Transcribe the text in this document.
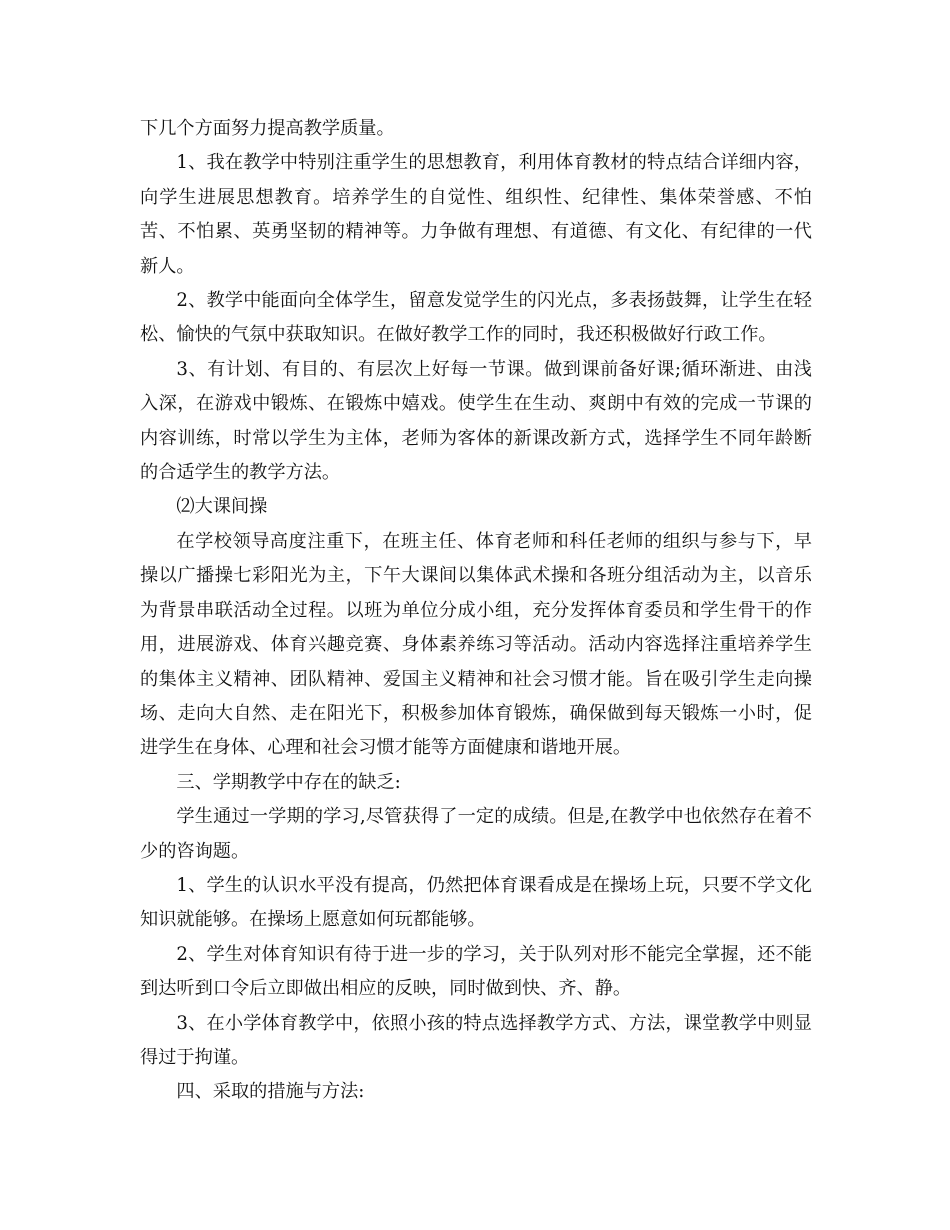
下几个方面努力提高教学质量。

1、我在教学中特别注重学生的思想教育，利用体育教材的特点结合详细内容，向学生进展思想教育。培养学生的自觉性、组织性、纪律性、集体荣誉感、不怕苦、不怕累、英勇坚韧的精神等。力争做有理想、有道德、有文化、有纪律的一代新人。

2、教学中能面向全体学生，留意发觉学生的闪光点，多表扬鼓舞，让学生在轻松、愉快的气氛中获取知识。在做好教学工作的同时，我还积极做好行政工作。

3、有计划、有目的、有层次上好每一节课。做到课前备好课;循环渐进、由浅入深，在游戏中锻炼、在锻炼中嬉戏。使学生在生动、爽朗中有效的完成一节课的内容训练，时常以学生为主体，老师为客体的新课改新方式，选择学生不同年龄断的合适学生的教学方法。

⑵大课间操

在学校领导高度注重下，在班主任、体育老师和科任老师的组织与参与下，早操以广播操七彩阳光为主，下午大课间以集体武术操和各班分组活动为主，以音乐为背景串联活动全过程。以班为单位分成小组，充分发挥体育委员和学生骨干的作用，进展游戏、体育兴趣竞赛、身体素养练习等活动。活动内容选择注重培养学生的集体主义精神、团队精神、爱国主义精神和社会习惯才能。旨在吸引学生走向操场、走向大自然、走在阳光下，积极参加体育锻炼，确保做到每天锻炼一小时，促进学生在身体、心理和社会习惯才能等方面健康和谐地开展。

三、学期教学中存在的缺乏:

学生通过一学期的学习,尽管获得了一定的成绩。但是,在教学中也依然存在着不少的咨询题。

1、学生的认识水平没有提高，仍然把体育课看成是在操场上玩，只要不学文化知识就能够。在操场上愿意如何玩都能够。

2、学生对体育知识有待于进一步的学习，关于队列对形不能完全掌握，还不能到达听到口令后立即做出相应的反映，同时做到快、齐、静。

3、在小学体育教学中，依照小孩的特点选择教学方式、方法，课堂教学中则显得过于拘谨。

四、采取的措施与方法:
